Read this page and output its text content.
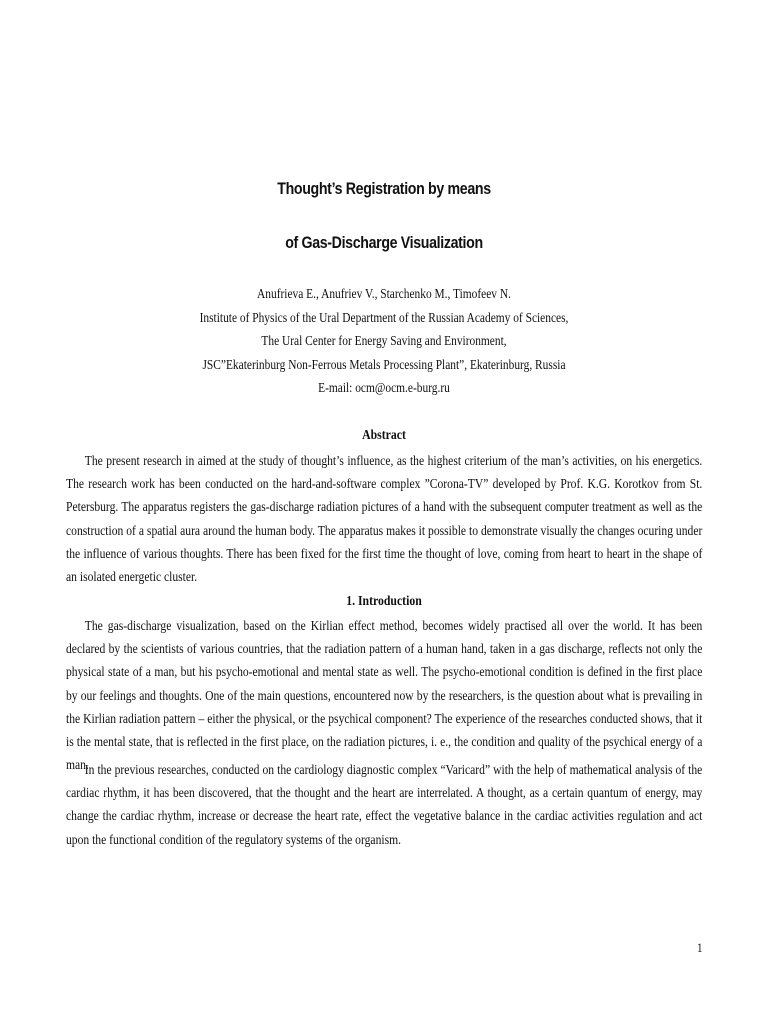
Thought’s Registration by means
of Gas-Discharge Visualization
Anufrieva E., Anufriev V., Starchenko M., Timofeev N.
Institute of Physics of the Ural Department of the Russian Academy of Sciences,
The Ural Center for Energy Saving and Environment,
JSC”Ekaterinburg Non-Ferrous Metals Processing Plant”, Ekaterinburg, Russia
E-mail: ocm@ocm.e-burg.ru
Abstract

The present research in aimed at the study of thought’s influence, as the highest criterium of the man’s activities, on his energetics. The research work has been conducted on the hard-and-software complex ”Corona-TV” developed by Prof. K.G. Korotkov from St. Petersburg. The apparatus registers the gas-discharge radiation pictures of a hand with the subsequent computer treatment as well as the construction of a spatial aura around the human body. The apparatus makes it possible to demonstrate visually the changes ocuring under the influence of various thoughts. There has been fixed for the first time the thought of love, coming from heart to heart in the shape of an isolated energetic cluster.

1. Introduction

The gas-discharge visualization, based on the Kirlian effect method, becomes widely practised all over the world. It has been declared by the scientists of various countries, that the radiation pattern of a human hand, taken in a gas discharge, reflects not only the physical state of a man, but his psycho-emotional and mental state as well. The psycho-emotional condition is defined in the first place by our feelings and thoughts. One of the main questions, encountered now by the researchers, is the question about what is prevailing in the Kirlian radiation pattern – either the physical, or the psychical component? The experience of the researches conducted shows, that it is the mental state, that is reflected in the first place, on the radiation pictures, i. e., the condition and quality of the psychical energy of a man.

In the previous researches, conducted on the cardiology diagnostic complex “Varicard” with the help of mathematical analysis of the cardiac rhythm, it has been discovered, that the thought and the heart are interrelated. A thought, as a certain quantum of energy, may change the cardiac rhythm, increase or decrease the heart rate, effect the vegetative balance in the cardiac activities regulation and act upon the functional condition of the regulatory systems of the organism.

1
